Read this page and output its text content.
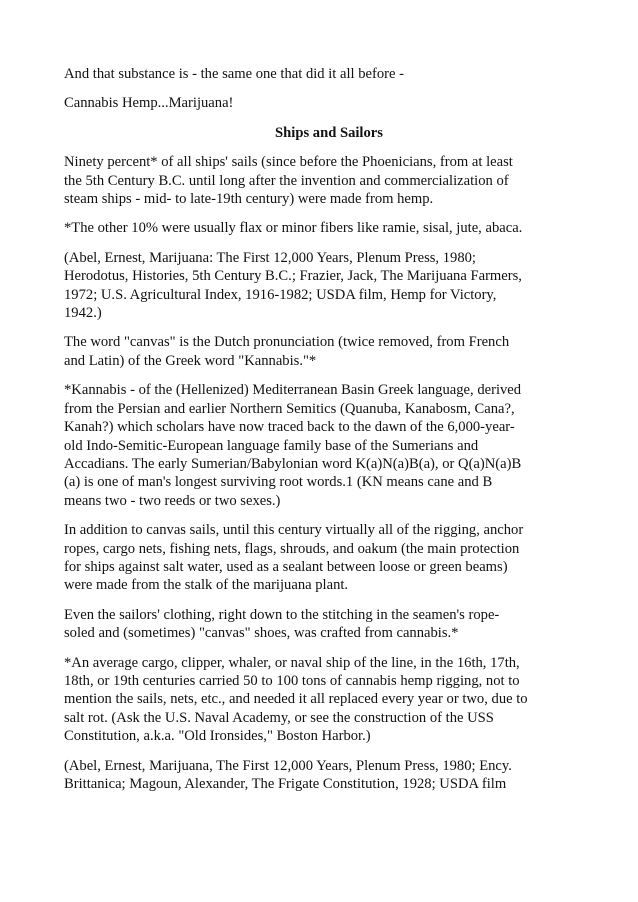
And that substance is - the same one that did it all before -
Cannabis Hemp...Marijuana!
Ships and Sailors
Ninety percent* of all ships' sails (since before the Phoenicians, from at least
the 5th Century B.C. until long after the invention and commercialization of
steam ships - mid- to late-19th century) were made from hemp.
*The other 10% were usually flax or minor fibers like ramie, sisal, jute, abaca.
(Abel, Ernest, Marijuana: The First 12,000 Years, Plenum Press, 1980;
Herodotus, Histories, 5th Century B.C.; Frazier, Jack, The Marijuana Farmers,
1972; U.S. Agricultural Index, 1916-1982; USDA film, Hemp for Victory,
1942.)
The word "canvas" is the Dutch pronunciation (twice removed, from French
and Latin) of the Greek word "Kannabis."*
*Kannabis - of the (Hellenized) Mediterranean Basin Greek language, derived
from the Persian and earlier Northern Semitics (Quanuba, Kanabosm, Cana?,
Kanah?) which scholars have now traced back to the dawn of the 6,000-year-
old Indo-Semitic-European language family base of the Sumerians and
Accadians. The early Sumerian/Babylonian word K(a)N(a)B(a), or Q(a)N(a)B
(a) is one of man's longest surviving root words.1 (KN means cane and B
means two - two reeds or two sexes.)
In addition to canvas sails, until this century virtually all of the rigging, anchor
ropes, cargo nets, fishing nets, flags, shrouds, and oakum (the main protection
for ships against salt water, used as a sealant between loose or green beams)
were made from the stalk of the marijuana plant.
Even the sailors' clothing, right down to the stitching in the seamen's rope-
soled and (sometimes) "canvas" shoes, was crafted from cannabis.*
*An average cargo, clipper, whaler, or naval ship of the line, in the 16th, 17th,
18th, or 19th centuries carried 50 to 100 tons of cannabis hemp rigging, not to
mention the sails, nets, etc., and needed it all replaced every year or two, due to
salt rot. (Ask the U.S. Naval Academy, or see the construction of the USS
Constitution, a.k.a. "Old Ironsides," Boston Harbor.)
(Abel, Ernest, Marijuana, The First 12,000 Years, Plenum Press, 1980; Ency.
Brittanica; Magoun, Alexander, The Frigate Constitution, 1928; USDA film
